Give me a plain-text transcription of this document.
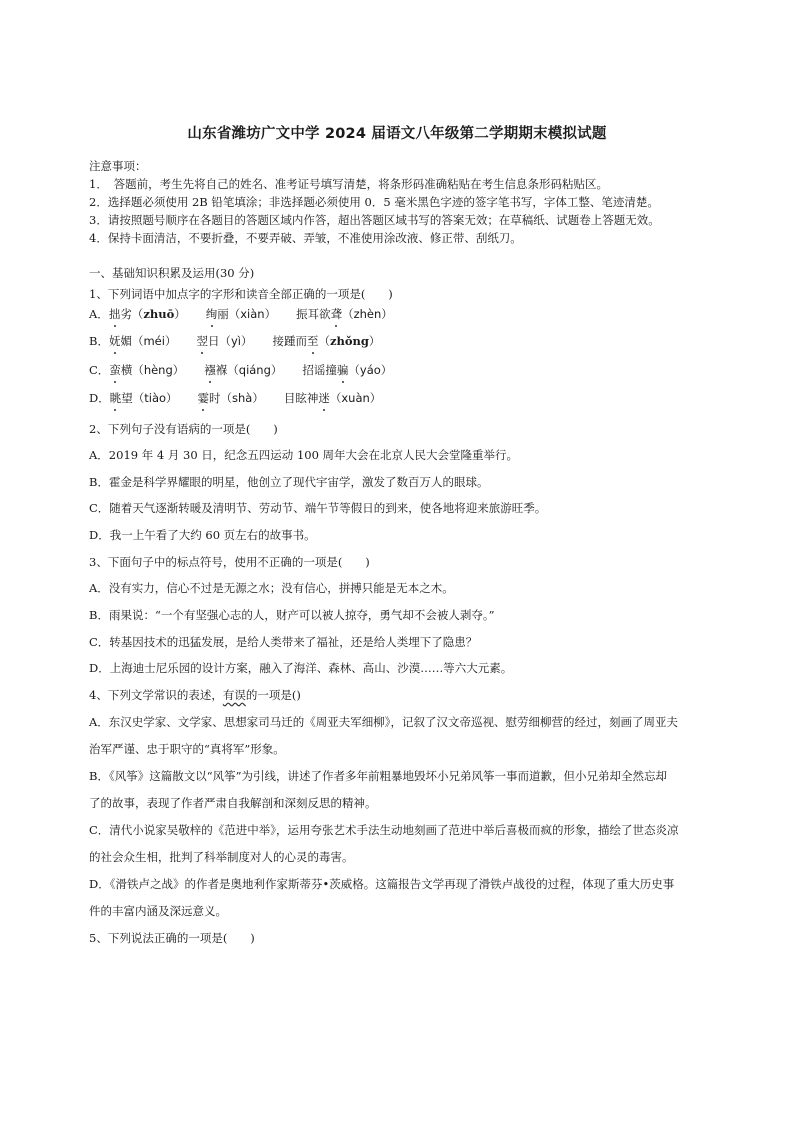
山东省潍坊广文中学 2024 届语文八年级第二学期期末模拟试题
注意事项：
1．　答题前，考生先将自己的姓名、准考证号填写清楚，将条形码准确粘贴在考生信息条形码粘贴区。
2．选择题必须使用 2B 铅笔填涂；非选择题必须使用 0．5 毫米黑色字迹的签字笔书写，字体工整、笔迹清楚。
3．请按照题号顺序在各题目的答题区域内作答，超出答题区域书写的答案无效；在草稿纸、试题卷上答题无效。
4．保持卡面清洁，不要折叠，不要弄破、弄皱，不准使用涂改液、修正带、刮纸刀。
一、基础知识积累及运用(30 分)
1、下列词语中加点字的字形和读音全部正确的一项是(　　)
A．拙劣（zhuō） 绚丽（xiàn） 振耳欲聋（zhèn）
B．妩媚（méi） 翌日（yì） 接踵而至（zhǒng）
C．蛮横（hèng） 襁褓（qiáng） 招谣撞骗（yáo）
D．眺望（tiào） 霎时（shà） 目眩神迷（xuàn）
2、下列句子没有语病的一项是(　　)
A．2019 年 4 月 30 日，纪念五四运动 100 周年大会在北京人民大会堂隆重举行。
B．霍金是科学界耀眼的明星，他创立了现代宇宙学，激发了数百万人的眼球。
C．随着天气逐渐转暖及清明节、劳动节、端午节等假日的到来，使各地将迎来旅游旺季。
D．我一上午看了大约 60 页左右的故事书。
3、下面句子中的标点符号，使用不正确的一项是(　　)
A．没有实力，信心不过是无源之水；没有信心，拼搏只能是无本之木。
B．雨果说：“一个有坚强心志的人，财产可以被人掠夺，勇气却不会被人剥夺。”
C．转基因技术的迅猛发展，是给人类带来了福祉，还是给人类埋下了隐患？
D．上海迪士尼乐园的设计方案，融入了海洋、森林、高山、沙漠……等六大元素。
4、下列文学常识的表述，有误的一项是()
A．东汉史学家、文学家、思想家司马迁的《周亚夫军细柳》，记叙了汉文帝巡视、慰劳细柳营的经过，刻画了周亚夫
治军严谨、忠于职守的“真将军”形象。
B．《风筝》这篇散文以“风筝”为引线，讲述了作者多年前粗暴地毁坏小兄弟风筝一事而道歉，但小兄弟却全然忘却
了的故事，表现了作者严肃自我解剖和深刻反思的精神。
C．清代小说家吴敬梓的《范进中举》，运用夸张艺术手法生动地刻画了范进中举后喜极而疯的形象，描绘了世态炎凉
的社会众生相，批判了科举制度对人的心灵的毒害。
D．《滑铁卢之战》的作者是奥地利作家斯蒂芬•茨威格。这篇报告文学再现了滑铁卢战役的过程，体现了重大历史事
件的丰富内涵及深远意义。
5、下列说法正确的一项是(　　)
